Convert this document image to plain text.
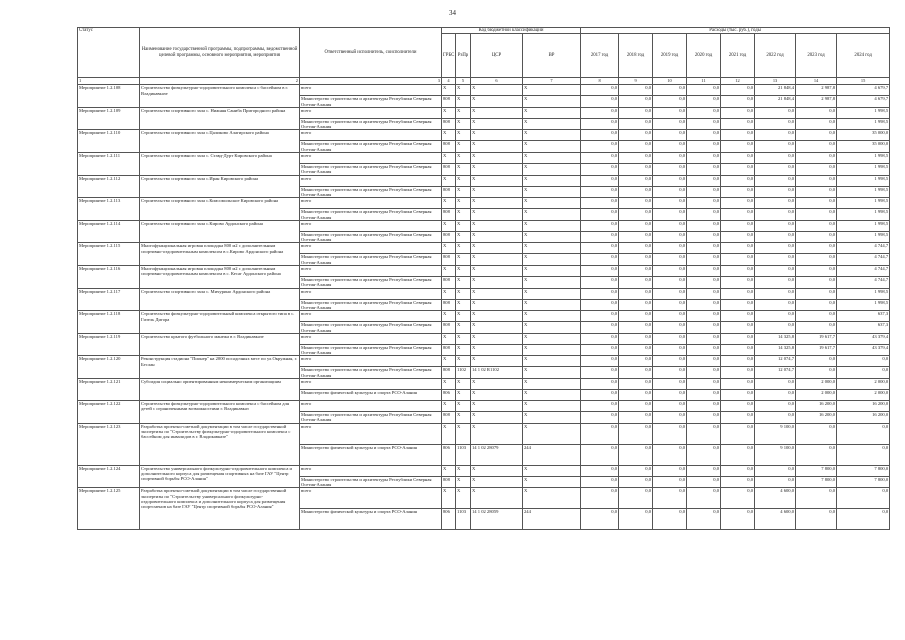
34
Статус	Наименование государственной программы, подпрограммы, ведомственной целевой программы, основного мероприятия, мероприятия	Ответственный исполнитель, соисполнители	Код бюджетной классификации				Расходы (тыс. руб.), годы							
			ГРБС	РзПр	ЦСР	ВР	2017 год	2018 год	2019 год	2020 год	2021 год	2022 год	2023 год	2024 год
1	2	3	4	5	6	7	8	9	10	11	12	13	14	15
Мероприятие 1.2.108	Строительство физкультурно-оздоровительного комплекса с бассейном в г. Владикавказе	всего	X	X	X	X	0,0	0,0	0,0	0,0	0,0	21 848,4	2 987,8	4 679,7
		Министерство строительства и архитектуры Республики Северная Осетия-Алания	808	X	X	X	0,0	0,0	0,0	0,0	0,0	21 848,4	2 987,8	4 679,7
Мероприятие 1.2.109	Строительство спортивного зала с. Нижняя Саниба Пригородного района	всего	X	X	X	X	0,0	0,0	0,0	0,0	0,0	0,0	0,0	1 998,5
		Министерство строительства и архитектуры Республики Северная Осетия-Алания	808	X	X	X	0,0	0,0	0,0	0,0	0,0	0,0	0,0	1 998,5
Мероприятие 1.2.110	Строительство спортивного зала с.Цаликово Алагирского района	всего	X	X	X	X	0,0	0,0	0,0	0,0	0,0	0,0	0,0	35 000,0
		Министерство строительства и архитектуры Республики Северная Осетия-Алания	808	X	X	X	0,0	0,0	0,0	0,0	0,0	0,0	0,0	35 000,0
Мероприятие 1.2.111	Строительство спортивного зала с. Ставд-Дурт Кировского района	всего	X	X	X	X	0,0	0,0	0,0	0,0	0,0	0,0	0,0	1 998,5
		Министерство строительства и архитектуры Республики Северная Осетия-Алания	808	X	X	X	0,0	0,0	0,0	0,0	0,0	0,0	0,0	1 998,5
Мероприятие 1.2.112	Строительство спортивного зала с.Иран Кировского района	всего	X	X	X	X	0,0	0,0	0,0	0,0	0,0	0,0	0,0	1 998,5
		Министерство строительства и архитектуры Республики Северная Осетия-Алания	808	X	X	X	0,0	0,0	0,0	0,0	0,0	0,0	0,0	1 998,5
Мероприятие 1.2.113	Строительство спортивного зала с.Комсомольское Кировского района	всего	X	X	X	X	0,0	0,0	0,0	0,0	0,0	0,0	0,0	1 998,5
		Министерство строительства и архитектуры Республики Северная Осетия-Алания	808	X	X	X	0,0	0,0	0,0	0,0	0,0	0,0	0,0	1 998,5
Мероприятие 1.2.114	Строительство спортивного зала с.Кирово Ардонского района	всего	X	X	X	X	0,0	0,0	0,0	0,0	0,0	0,0	0,0	1 998,5
		Министерство строительства и архитектуры Республики Северная Осетия-Алания	808	X	X	X	0,0	0,0	0,0	0,0	0,0	0,0	0,0	1 998,5
Мероприятие 1.2.115	Многофункциональная игровая площадка 800 м2 с дополнительным спортивно-оздоровительным комплексом в с.Кирово Ардонского района	всего	X	X	X	X	0,0	0,0	0,0	0,0	0,0	0,0	0,0	4 744,7
		Министерство строительства и архитектуры Республики Северная Осетия-Алания	808	X	X	X	0,0	0,0	0,0	0,0	0,0	0,0	0,0	4 744,7
Мероприятие 1.2.116	Многофункциональная игровая площадка 800 м2 с дополнительным спортивно-оздоровительным комплексом в с. Кесаг Ардонского района	всего	X	X	X	X	0,0	0,0	0,0	0,0	0,0	0,0	0,0	4 744,7
		Министерство строительства и архитектуры Республики Северная Осетия-Алания	808	X	X	X	0,0	0,0	0,0	0,0	0,0	0,0	0,0	4 744,7
Мероприятие 1.2.117	Строительство спортивного зала с. Мичурино Ардонского района	всего	X	X	X	X	0,0	0,0	0,0	0,0	0,0	0,0	0,0	1 998,5
		Министерство строительства и архитектуры Республики Северная Осетия-Алания	808	X	X	X	0,0	0,0	0,0	0,0	0,0	0,0	0,0	1 998,5
Мероприятие 1.2.118	Строительство физкультурно-оздоровительный комплекса открытого типа в с. Гизель Дигора	всего	X	X	X	X	0,0	0,0	0,0	0,0	0,0	0,0	0,0	637,3
		Министерство строительства и архитектуры Республики Северная Осетия-Алания	808	X	X	X	0,0	0,0	0,0	0,0	0,0	0,0	0,0	637,3
Мероприятие 1.2.119	Строительство крытого футбольного манежа в г. Владикавказе	всего	X	X	X	X	0,0	0,0	0,0	0,0	0,0	14 325,8	19 617,7	43 379,4
		Министерство строительства и архитектуры Республики Северная Осетия-Алания	808	X	X	X	0,0	0,0	0,0	0,0	0,0	14 325,8	19 617,7	43 379,4
Мероприятие 1.2.120	Реконструкция стадиона "Пионер" на 2000 посадочных мест по ул.Окружная, г. Беслан	всего	X	X	X	X	0,0	0,0	0,0	0,0	0,0	12 074,7	0,0	0,0
		Министерство строительства и архитектуры Республики Северная Осетия-Алания	808	1102	14 1 02 R1102	X	0,0	0,0	0,0	0,0	0,0	12 074,7	0,0	0,0
Мероприятие 1.2.121	Субсидия социально ориентированным некоммерческим организациям	всего	X	X	X	X	0,0	0,0	0,0	0,0	0,0	0,0	2 000,0	2 000,0
		Министерство физической культуры и спорта РСО-Алания	806	X	X	X	0,0	0,0	0,0	0,0	0,0	0,0	2 000,0	2 000,0
Мероприятие 1.2.122	Строительство физкультурно-оздоровительного комплекса с бассейном для детей с ограниченными возможностями г. Владикавказ	всего	X	X	X	X	0,0	0,0	0,0	0,0	0,0	0,0	16 200,0	16 200,0
		Министерство строительства и архитектуры Республики Северная Осетия-Алания	808	X	X	X	0,0	0,0	0,0	0,0	0,0	0,0	16 200,0	16 200,0
Мероприятие 1.2.123	Разработка проектно-сметной документации в том числе государственной экспертизы по "Строительству физкультурно-оздоровительного комплекса с бассейном для инвалидов в г. Владикавказе"	всего	X	X	X	X	0,0	0,0	0,0	0,0	0,0	9 100,0	0,0	0,0
		Министерство физической культуры и спорта РСО-Алания	806	1103	14 1 02 28079	244	0,0	0,0	0,0	0,0	0,0	9 100,0	0,0	0,0
Мероприятие 1.2.124	Строительство универсального физкультурно-оздоровительного комплекса и дополнительного корпуса для размещения спортивных на базе ГАУ "Центр спортивной борьбы РСО-Алания"	всего	X	X	X	X	0,0	0,0	0,0	0,0	0,0	0,0	7 800,0	7 800,0
		Министерство строительства и архитектуры Республики Северная Осетия-Алания	808	X	X	X	0,0	0,0	0,0	0,0	0,0	0,0	7 800,0	7 800,0
Мероприятие 1.2.125	Разработка проектно-сметной документации в том числе государственной экспертизы по "Строительству универсального физкультурно-оздоровительного комплекса и дополнительного корпуса для размещения спортсменов на базе ГАУ "Центр спортивной борьбы РСО-Алания"	всего	X	X	X	X	0,0	0,0	0,0	0,0	0,0	4 600,0	0,0	0,0
		Министерство физической культуры и спорта РСО-Алания	806	1103	14 1 02 28059	244	0,0	0,0	0,0	0,0	0,0	4 600,0	0,0	0,0
